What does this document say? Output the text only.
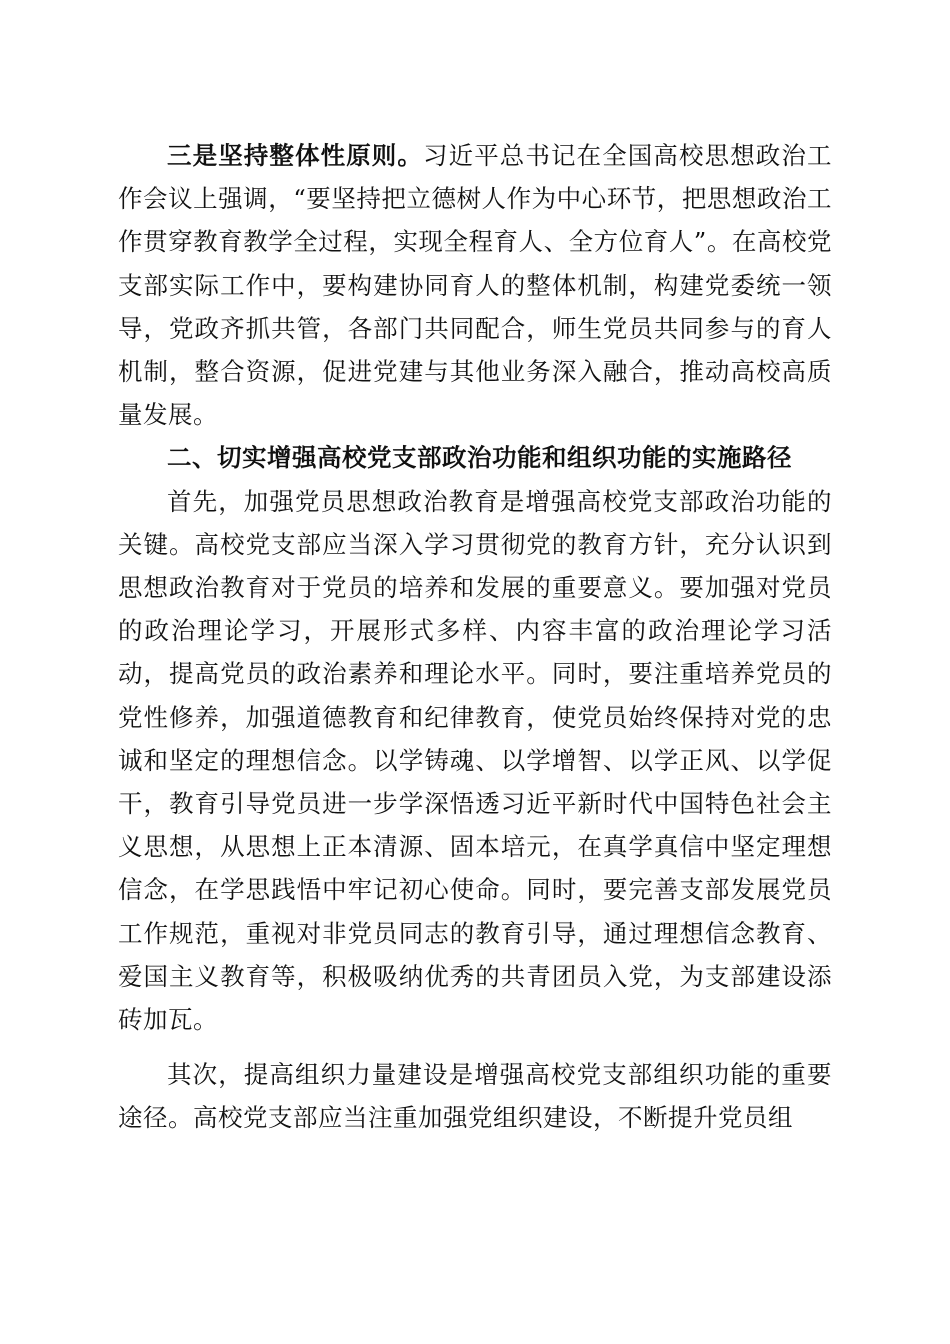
三是坚持整体性原则。习近平总书记在全国高校思想政治工作会议上强调，“要坚持把立德树人作为中心环节，把思想政治工作贯穿教育教学全过程，实现全程育人、全方位育人”。在高校党支部实际工作中，要构建协同育人的整体机制，构建党委统一领导，党政齐抓共管，各部门共同配合，师生党员共同参与的育人机制，整合资源，促进党建与其他业务深入融合，推动高校高质量发展。

二、切实增强高校党支部政治功能和组织功能的实施路径

首先，加强党员思想政治教育是增强高校党支部政治功能的关键。高校党支部应当深入学习贯彻党的教育方针，充分认识到思想政治教育对于党员的培养和发展的重要意义。要加强对党员的政治理论学习，开展形式多样、内容丰富的政治理论学习活动，提高党员的政治素养和理论水平。同时，要注重培养党员的党性修养，加强道德教育和纪律教育，使党员始终保持对党的忠诚和坚定的理想信念。以学铸魂、以学增智、以学正风、以学促干，教育引导党员进一步学深悟透习近平新时代中国特色社会主义思想，从思想上正本清源、固本培元，在真学真信中坚定理想信念，在学思践悟中牢记初心使命。同时，要完善支部发展党员工作规范，重视对非党员同志的教育引导，通过理想信念教育、爱国主义教育等，积极吸纳优秀的共青团员入党，为支部建设添砖加瓦。

其次，提高组织力量建设是增强高校党支部组织功能的重要途径。高校党支部应当注重加强党组织建设，不断提升党员组
